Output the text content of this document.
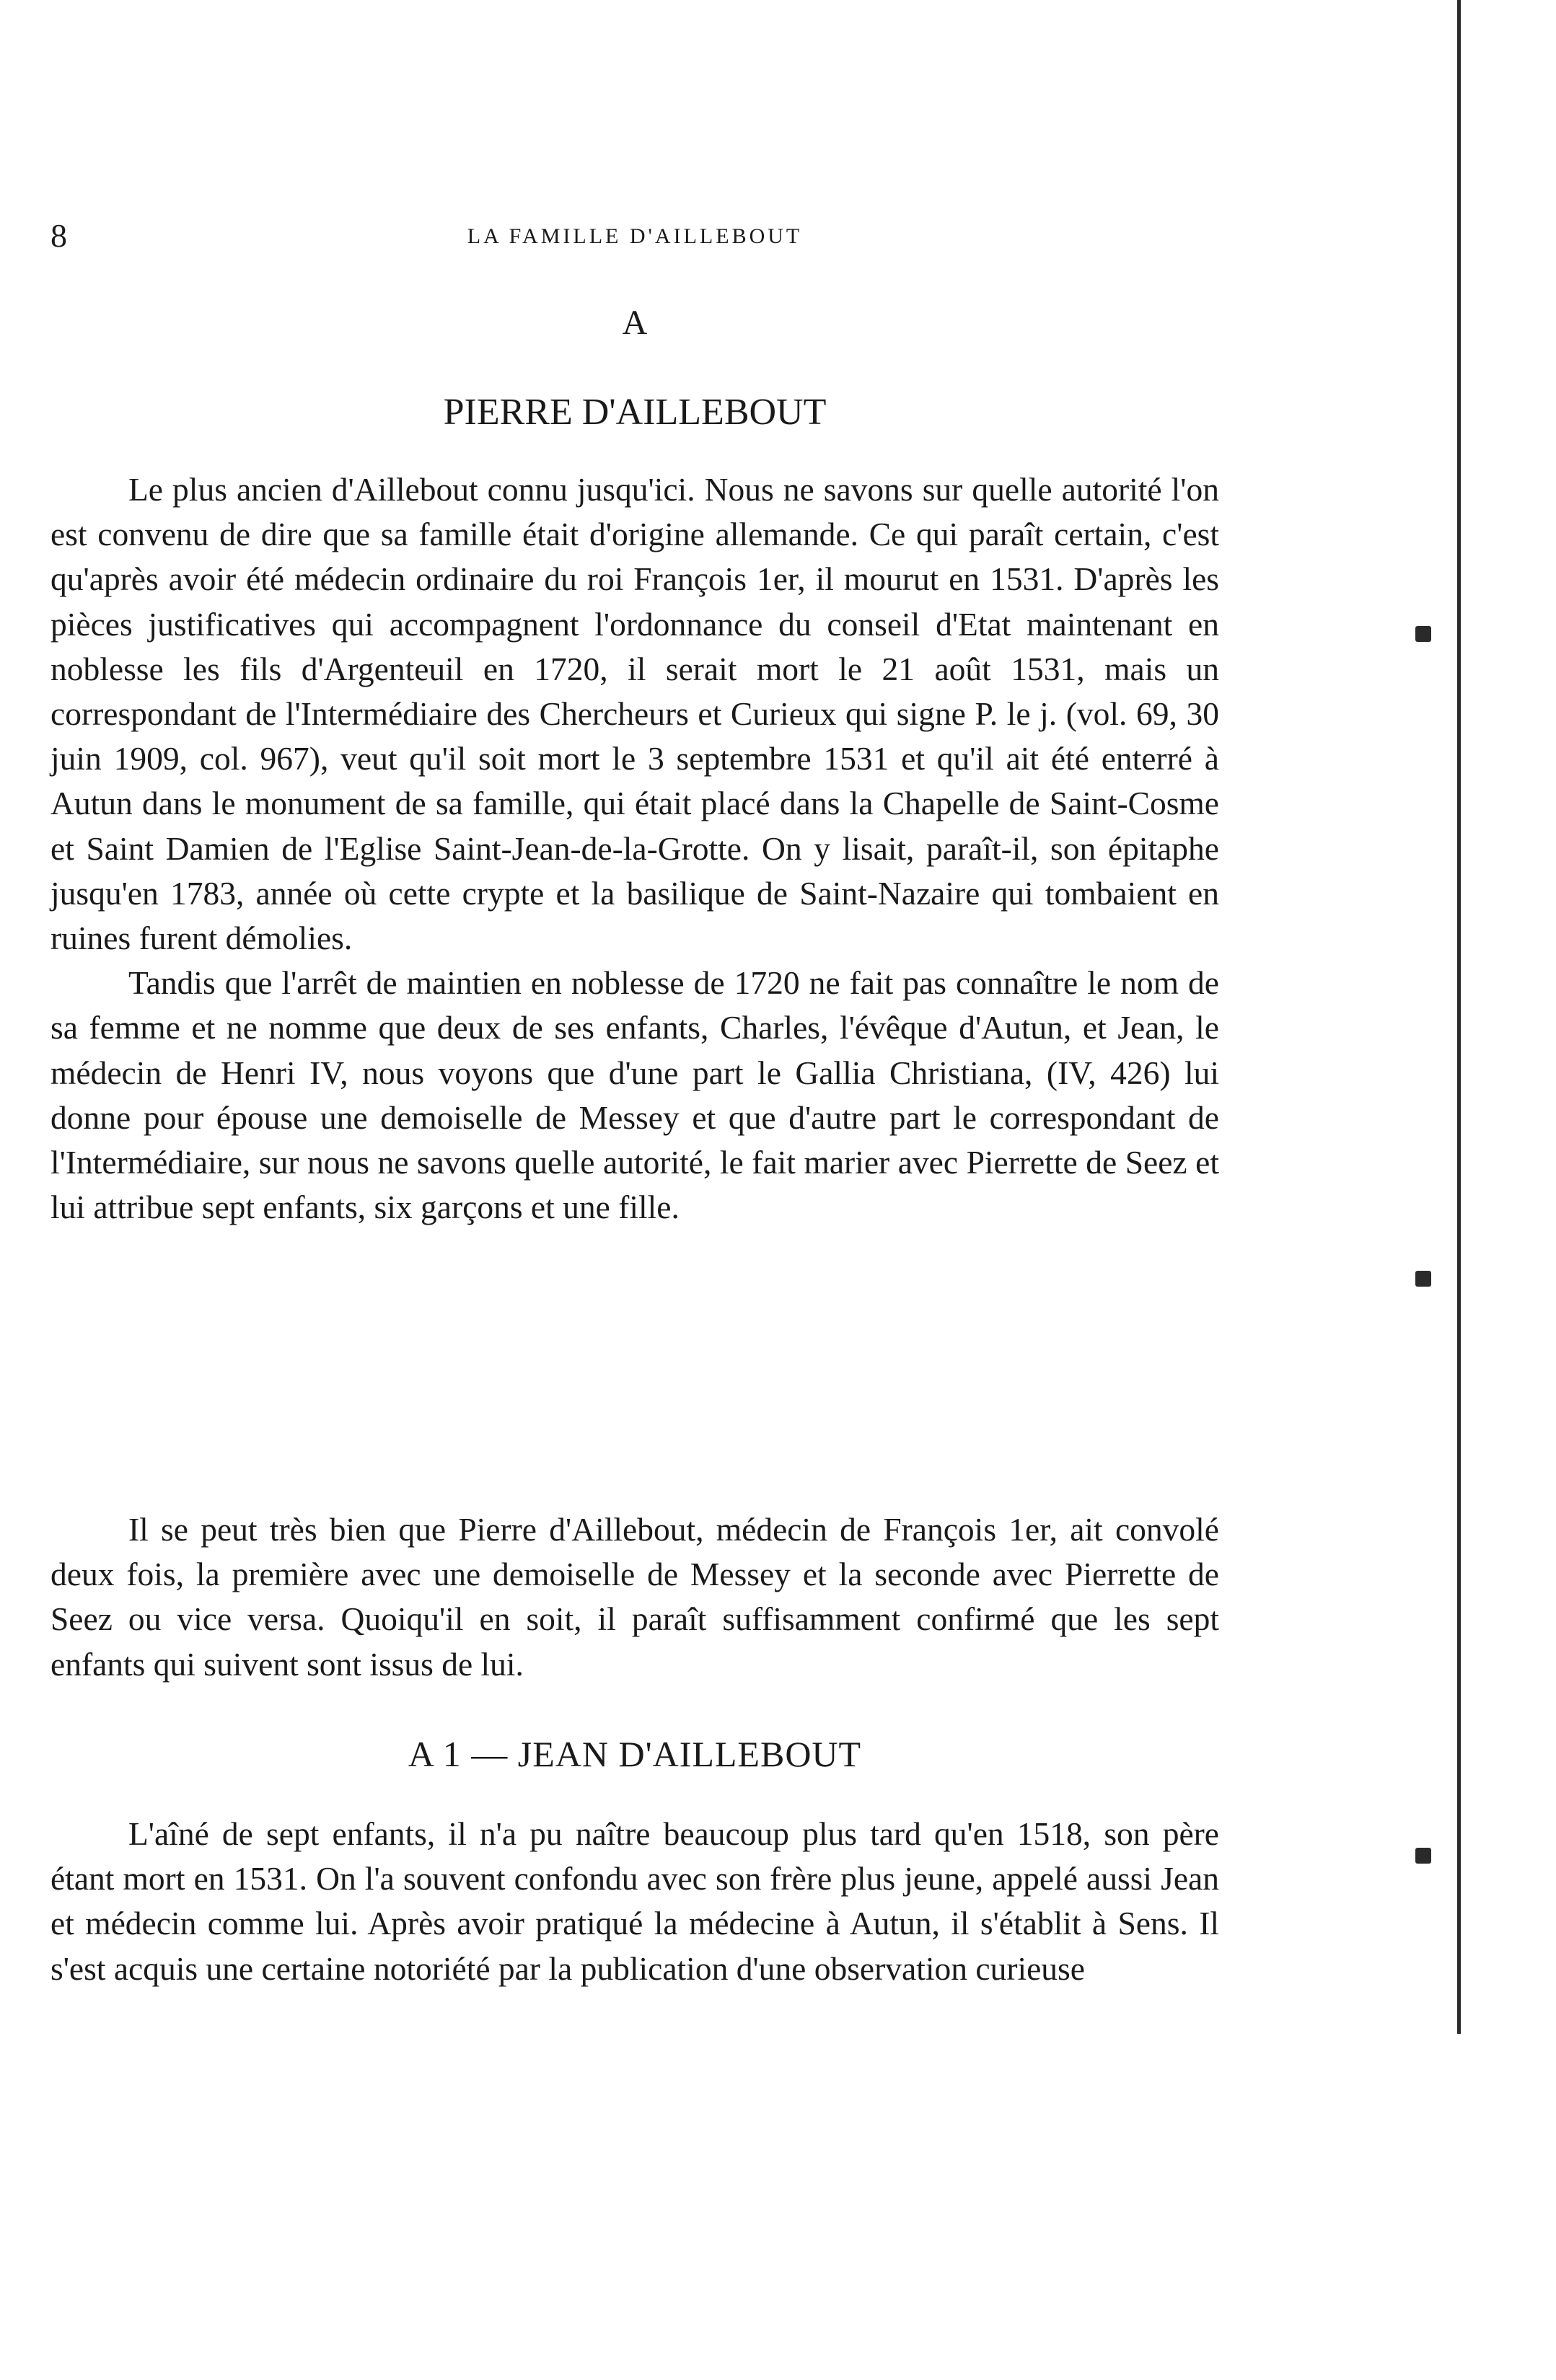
8	LA FAMILLE D'AILLEBOUT
A
PIERRE D'AILLEBOUT

Le plus ancien d'Aillebout connu jusqu'ici. Nous ne savons sur quelle autorité l'on est convenu de dire que sa famille était d'origine allemande. Ce qui paraît certain, c'est qu'après avoir été médecin ordinaire du roi François 1er, il mourut en 1531. D'après les pièces justificatives qui accompagnent l'ordonnance du conseil d'Etat maintenant en noblesse les fils d'Argenteuil en 1720, il serait mort le 21 août 1531, mais un correspondant de l'Intermédiaire des Chercheurs et Curieux qui signe P. le j. (vol. 69, 30 juin 1909, col. 967), veut qu'il soit mort le 3 septembre 1531 et qu'il ait été enterré à Autun dans le monument de sa famille, qui était placé dans la Chapelle de Saint-Cosme et Saint Damien de l'Eglise Saint-Jean-de-la-Grotte. On y lisait, paraît-il, son épitaphe jusqu'en 1783, année où cette crypte et la basilique de Saint-Nazaire qui tombaient en ruines furent démolies.

Tandis que l'arrêt de maintien en noblesse de 1720 ne fait pas connaître le nom de sa femme et ne nomme que deux de ses enfants, Charles, l'évêque d'Autun, et Jean, le médecin de Henri IV, nous voyons que d'une part le Gallia Christiana, (IV, 426) lui donne pour épouse une demoiselle de Messey et que d'autre part le correspondant de l'Intermédiaire, sur nous ne savons quelle autorité, le fait marier avec Pierrette de Seez et lui attribue sept enfants, six garçons et une fille.

Il se peut très bien que Pierre d'Aillebout, médecin de François 1er, ait convolé deux fois, la première avec une demoiselle de Messey et la seconde avec Pierrette de Seez ou vice versa. Quoiqu'il en soit, il paraît suffisamment confirmé que les sept enfants qui suivent sont issus de lui.

A 1 — JEAN D'AILLEBOUT

L'aîné de sept enfants, il n'a pu naître beaucoup plus tard qu'en 1518, son père étant mort en 1531. On l'a souvent confondu avec son frère plus jeune, appelé aussi Jean et médecin comme lui. Après avoir pratiqué la médecine à Autun, il s'établit à Sens. Il s'est acquis une certaine notoriété par la publication d'une observation curieuse
